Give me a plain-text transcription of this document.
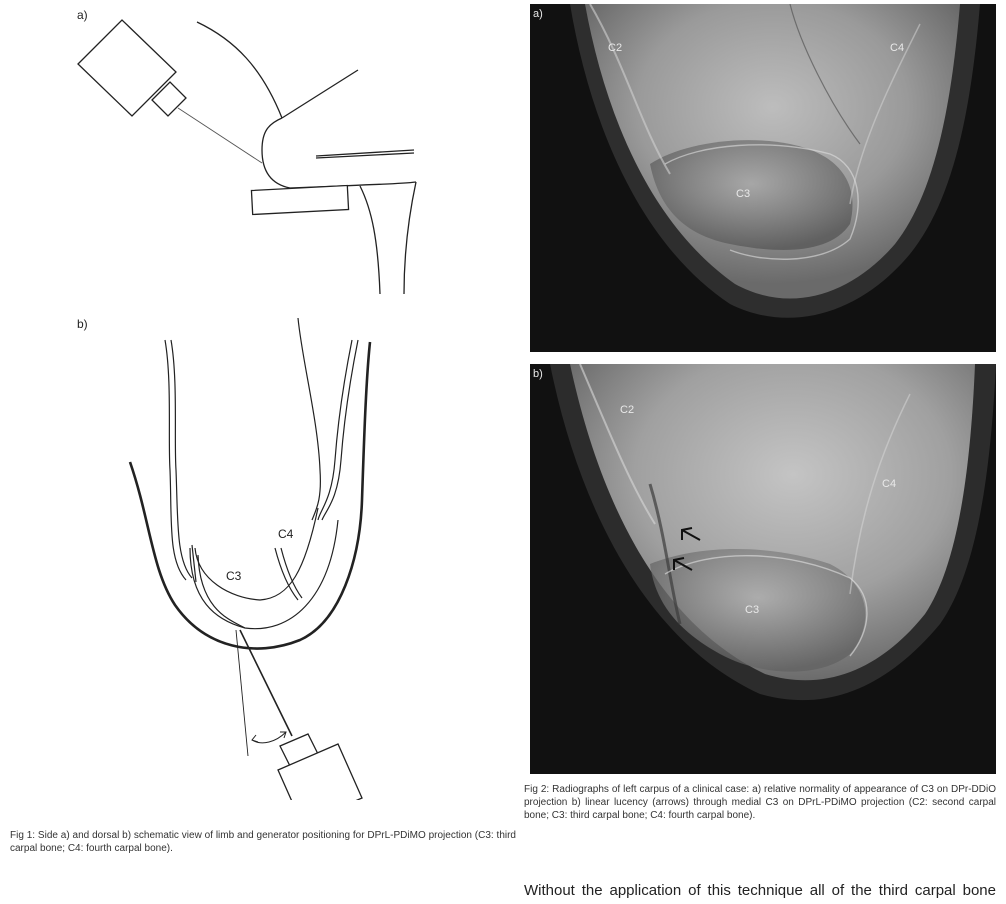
a)
b)
C4
C3
Fig 1: Side a) and dorsal b) schematic view of limb and generator positioning for DPrL-PDiMO projection (C3: third carpal bone; C4: fourth carpal bone).
a)
C2	C4
C3
b)
C2
C4
C3
Fig 2: Radiographs of left carpus of a clinical case: a) relative normality of appearance of C3 on DPr-DDiO projection b) linear lucency (arrows) through medial C3 on DPrL-PDiMO projection (C2: second carpal bone; C3: third carpal bone; C4: fourth carpal bone).
Without the application of this technique all of the third carpal bone
